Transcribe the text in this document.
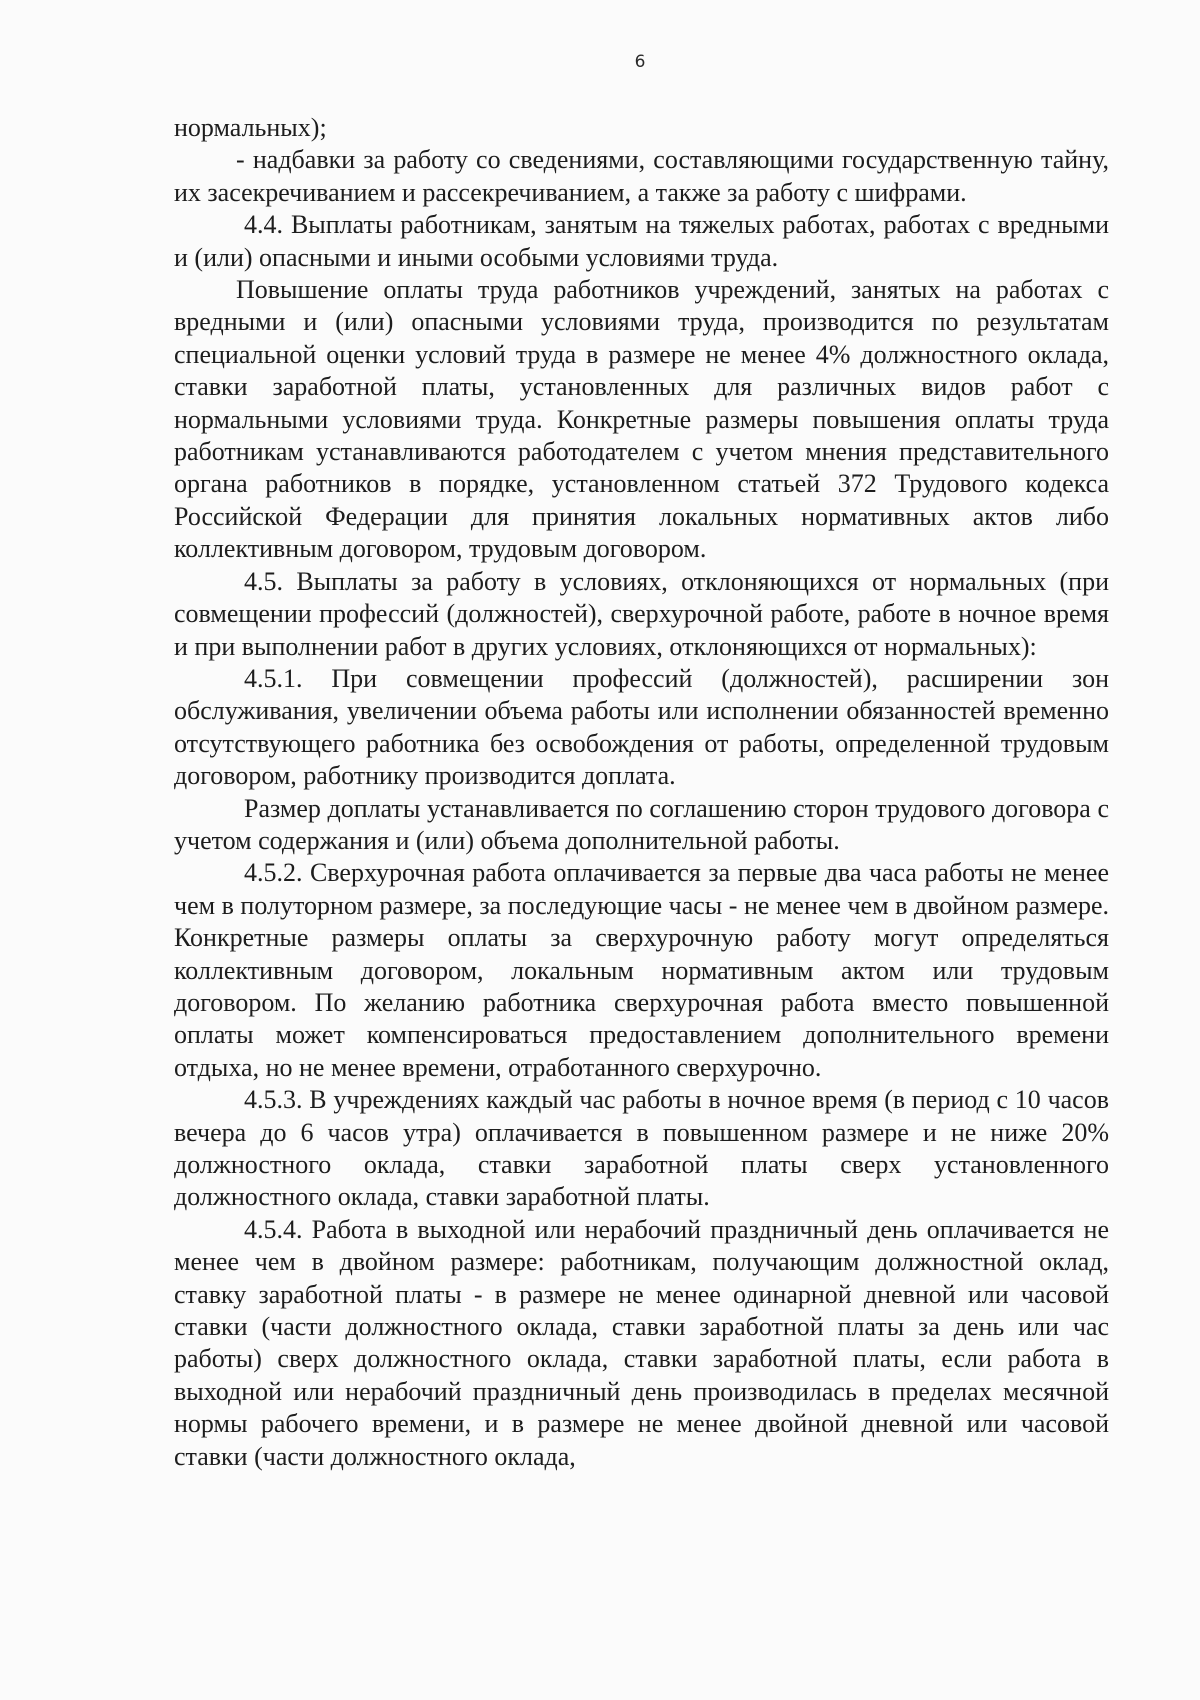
6

нормальных);

- надбавки за работу со сведениями, составляющими государственную тайну, их засекречиванием и рассекречиванием, а также за работу с шифрами.

4.4. Выплаты работникам, занятым на тяжелых работах, работах с вредными и (или) опасными и иными особыми условиями труда.

Повышение оплаты труда работников учреждений, занятых на работах с вредными и (или) опасными условиями труда, производится по результатам специальной оценки условий труда в размере не менее 4% должностного оклада, ставки заработной платы, установленных для различных видов работ с нормальными условиями труда. Конкретные размеры повышения оплаты труда работникам устанавливаются работодателем с учетом мнения представительного органа работников в порядке, установленном статьей 372 Трудового кодекса Российской Федерации для принятия локальных нормативных актов либо коллективным договором, трудовым договором.

4.5. Выплаты за работу в условиях, отклоняющихся от нормальных (при совмещении профессий (должностей), сверхурочной работе, работе в ночное время и при выполнении работ в других условиях, отклоняющихся от нормальных):

4.5.1. При совмещении профессий (должностей), расширении зон обслуживания, увеличении объема работы или исполнении обязанностей временно отсутствующего работника без освобождения от работы, определенной трудовым договором, работнику производится доплата.

Размер доплаты устанавливается по соглашению сторон трудового договора с учетом содержания и (или) объема дополнительной работы.

4.5.2. Сверхурочная работа оплачивается за первые два часа работы не менее чем в полуторном размере, за последующие часы - не менее чем в двойном размере. Конкретные размеры оплаты за сверхурочную работу могут определяться коллективным договором, локальным нормативным актом или трудовым договором. По желанию работника сверхурочная работа вместо повышенной оплаты может компенсироваться предоставлением дополнительного времени отдыха, но не менее времени, отработанного сверхурочно.

4.5.3. В учреждениях каждый час работы в ночное время (в период с 10 часов вечера до 6 часов утра) оплачивается в повышенном размере и не ниже 20% должностного оклада, ставки заработной платы сверх установленного должностного оклада, ставки заработной платы.

4.5.4. Работа в выходной или нерабочий праздничный день оплачивается не менее чем в двойном размере: работникам, получающим должностной оклад, ставку заработной платы - в размере не менее одинарной дневной или часовой ставки (части должностного оклада, ставки заработной платы за день или час работы) сверх должностного оклада, ставки заработной платы, если работа в выходной или нерабочий праздничный день производилась в пределах месячной нормы рабочего времени, и в размере не менее двойной дневной или часовой ставки (части должностного оклада,
